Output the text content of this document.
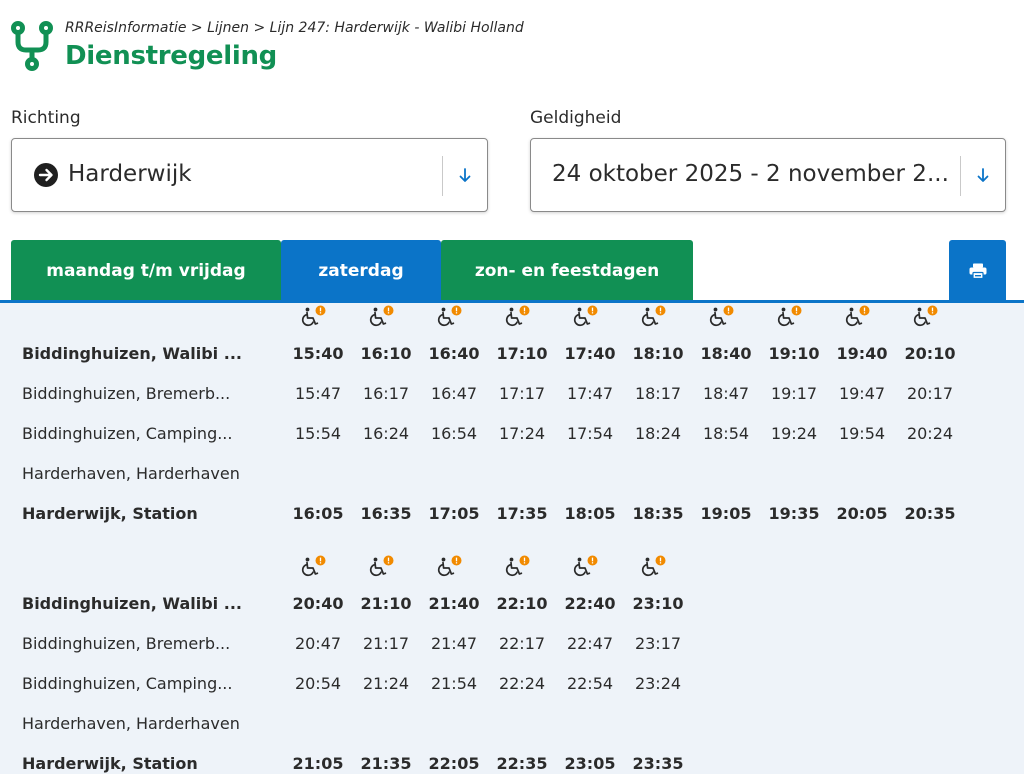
RRReisInformatie > Lijnen > Lijn 247: Harderwijk - Walibi Holland
Dienstregeling
Richting
Harderwijk
Geldigheid
24 oktober 2025 - 2 november 2...
maandag t/m vrijdag	zaterdag	zon- en feestdagen
Biddinghuizen, Walibi ...	15:40	16:10	16:40	17:10	17:40	18:10	18:40	19:10	19:40	20:10
Biddinghuizen, Bremerb...	15:47	16:17	16:47	17:17	17:47	18:17	18:47	19:17	19:47	20:17
Biddinghuizen, Camping...	15:54	16:24	16:54	17:24	17:54	18:24	18:54	19:24	19:54	20:24
Harderhaven, Harderhaven
Harderwijk, Station	16:05	16:35	17:05	17:35	18:05	18:35	19:05	19:35	20:05	20:35
Biddinghuizen, Walibi ...	20:40	21:10	21:40	22:10	22:40	23:10
Biddinghuizen, Bremerb...	20:47	21:17	21:47	22:17	22:47	23:17
Biddinghuizen, Camping...	20:54	21:24	21:54	22:24	22:54	23:24
Harderhaven, Harderhaven
Harderwijk, Station	21:05	21:35	22:05	22:35	23:05	23:35
